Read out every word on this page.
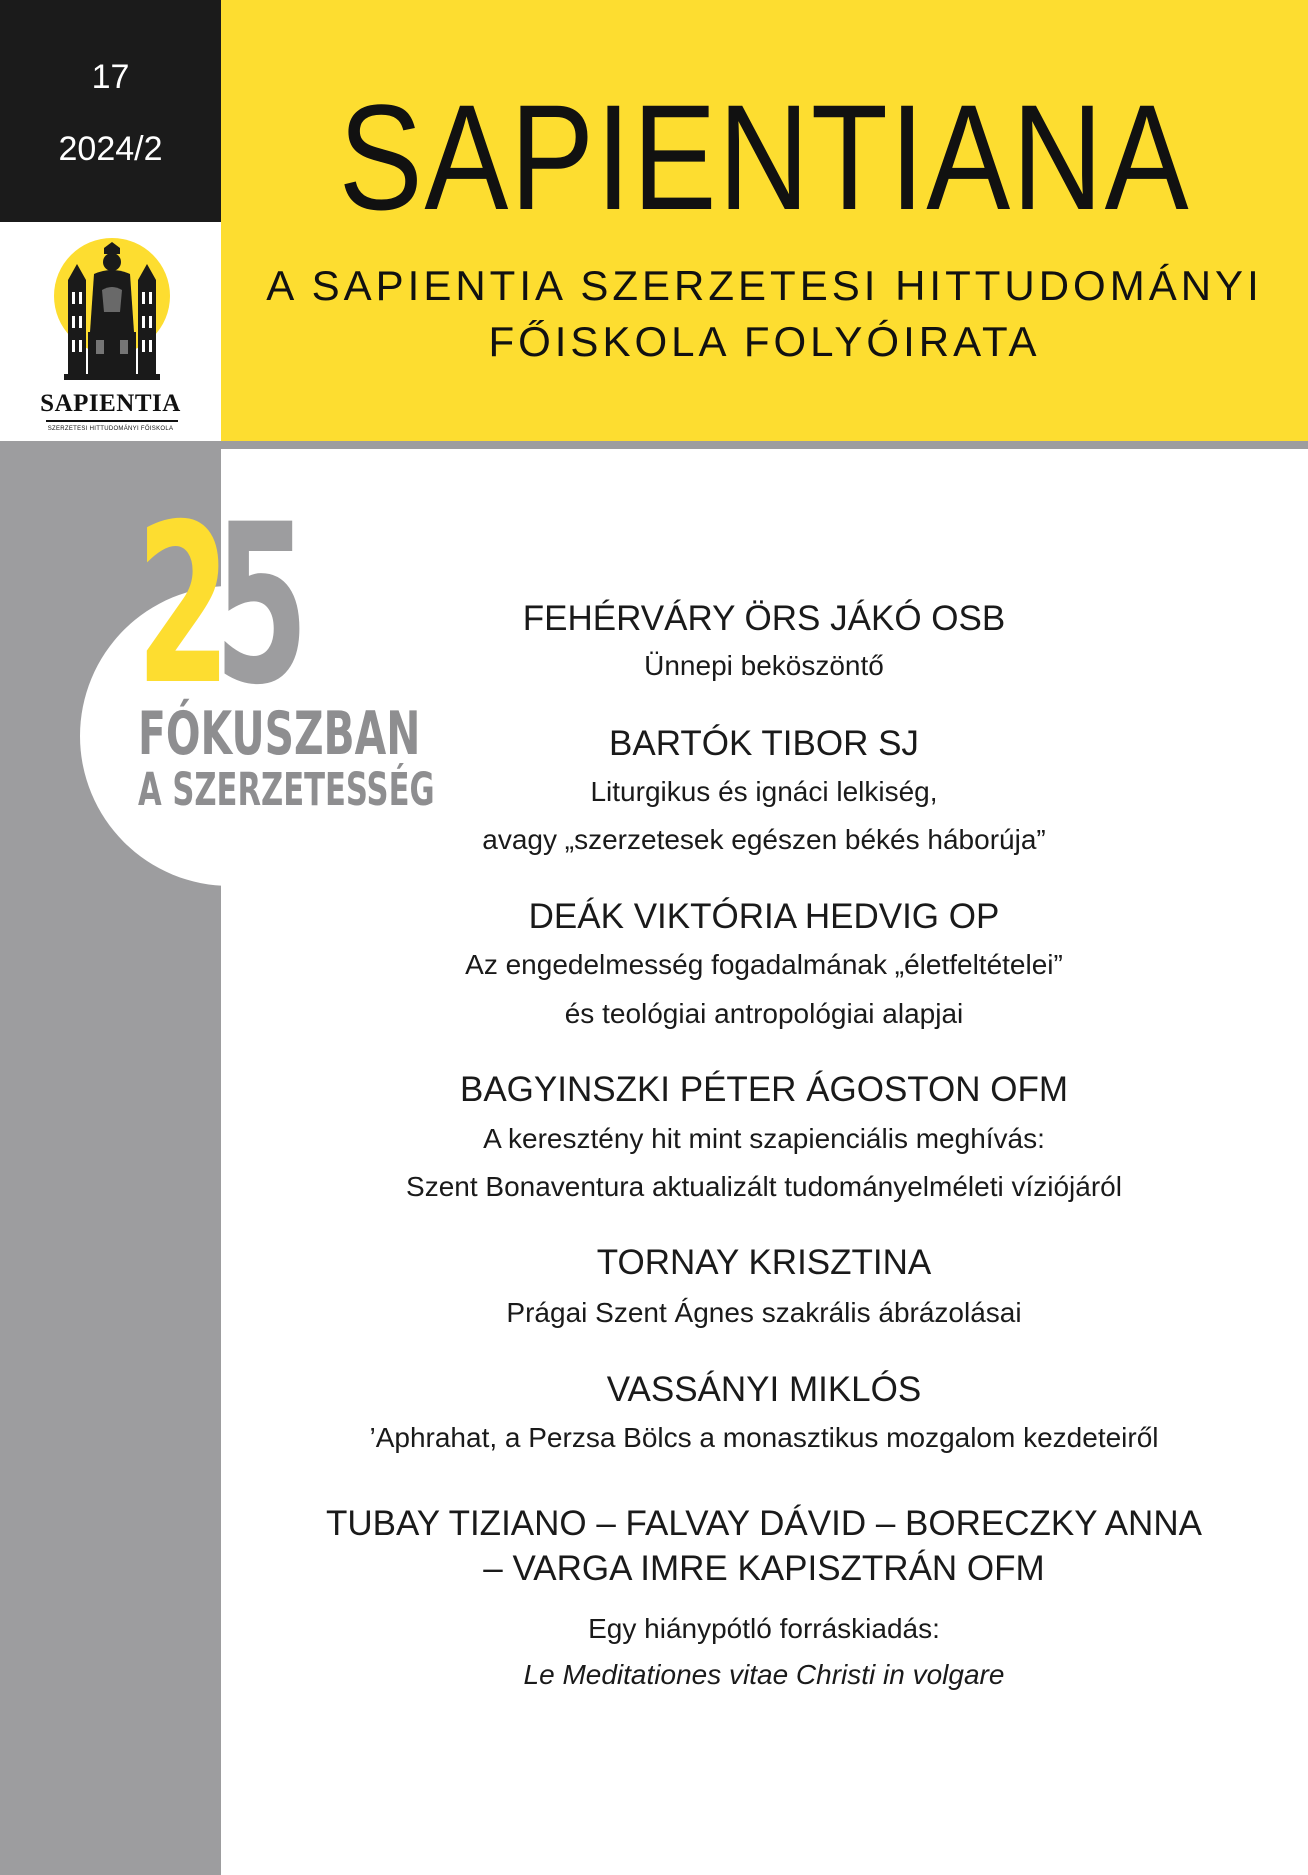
17
2024/2
SAPIENTIA
SZERZETESI HITTUDOMÁNYI FŐISKOLA
SAPIENTIANA
A SAPIENTIA SZERZETESI HITTUDOMÁNYI
FŐISKOLA FOLYÓIRATA
2
5
FÓKUSZBAN
A SZERZETESSÉG
FEHÉRVÁRY ÖRS JÁKÓ OSB
Ünnepi beköszöntő
BARTÓK TIBOR SJ
Liturgikus és ignáci lelkiség,
avagy „szerzetesek egészen békés háborúja”
DEÁK VIKTÓRIA HEDVIG OP
Az engedelmesség fogadalmának „életfeltételei”
és teológiai antropológiai alapjai
BAGYINSZKI PÉTER ÁGOSTON OFM
A keresztény hit mint szapienciális meghívás:
Szent Bonaventura aktualizált tudományelméleti víziójáról
TORNAY KRISZTINA
Prágai Szent Ágnes szakrális ábrázolásai
VASSÁNYI MIKLÓS
’Aphrahat, a Perzsa Bölcs a monasztikus mozgalom kezdeteiről
TUBAY TIZIANO – FALVAY DÁVID – BORECZKY ANNA
– VARGA IMRE KAPISZTRÁN OFM
Egy hiánypótló forráskiadás:
Le Meditationes vitae Christi in volgare
